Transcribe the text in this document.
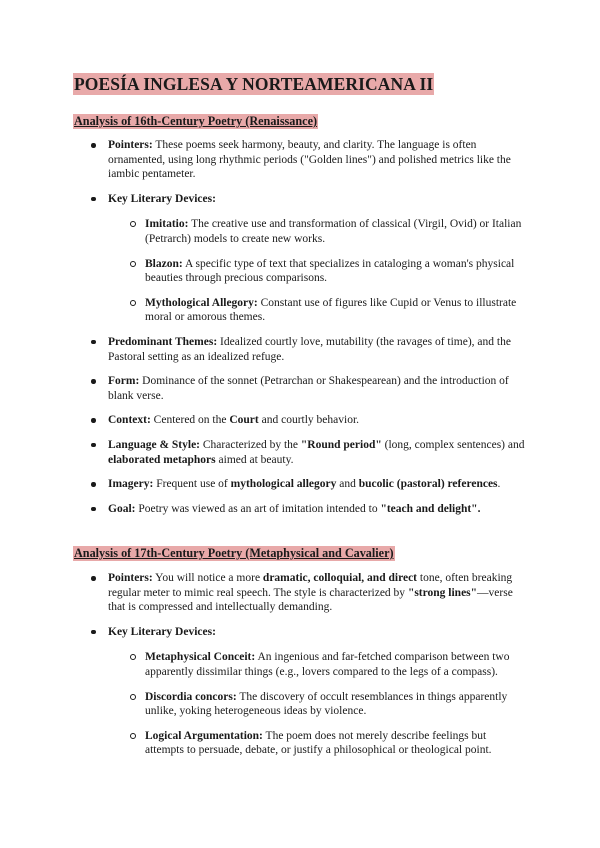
POESÍA INGLESA Y NORTEAMERICANA II
Analysis of 16th-Century Poetry (Renaissance)
Pointers: These poems seek harmony, beauty, and clarity. The language is often ornamented, using long rhythmic periods ("Golden lines") and polished metrics like the iambic pentameter.
Key Literary Devices:
Imitatio: The creative use and transformation of classical (Virgil, Ovid) or Italian (Petrarch) models to create new works.
Blazon: A specific type of text that specializes in cataloging a woman's physical beauties through precious comparisons.
Mythological Allegory: Constant use of figures like Cupid or Venus to illustrate moral or amorous themes.
Predominant Themes: Idealized courtly love, mutability (the ravages of time), and the Pastoral setting as an idealized refuge.
Form: Dominance of the sonnet (Petrarchan or Shakespearean) and the introduction of blank verse.
Context: Centered on the Court and courtly behavior.
Language & Style: Characterized by the "Round period" (long, complex sentences) and elaborated metaphors aimed at beauty.
Imagery: Frequent use of mythological allegory and bucolic (pastoral) references.
Goal: Poetry was viewed as an art of imitation intended to "teach and delight".
Analysis of 17th-Century Poetry (Metaphysical and Cavalier)
Pointers: You will notice a more dramatic, colloquial, and direct tone, often breaking regular meter to mimic real speech. The style is characterized by "strong lines"—verse that is compressed and intellectually demanding.
Key Literary Devices:
Metaphysical Conceit: An ingenious and far-fetched comparison between two apparently dissimilar things (e.g., lovers compared to the legs of a compass).
Discordia concors: The discovery of occult resemblances in things apparently unlike, yoking heterogeneous ideas by violence.
Logical Argumentation: The poem does not merely describe feelings but attempts to persuade, debate, or justify a philosophical or theological point.
